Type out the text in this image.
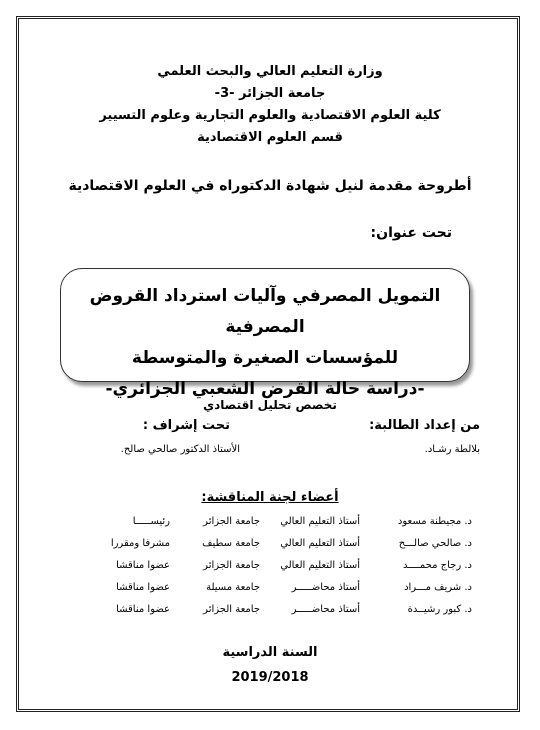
وزارة التعليم العالي والبحث العلمي
جامعة الجزائر -3-
كلية العلوم الاقتصادية والعلوم التجارية وعلوم التسيير
قسم العلوم الاقتصادية
أطروحة مقدمة لنيل شهادة الدكتوراه في العلوم الاقتصادية
تحت عنوان:
التمويل المصرفي وآليات استرداد القروض المصرفية
للمؤسسات الصغيرة والمتوسطة
-دراسة حالة القرض الشعبي الجزائري-
تخصص تحليل اقتصادي
من إعداد الطالبة:
تحت إشراف :
بلالطة رشـاد.
الأستاذ الدكتور صالحي صالح.
أعضاء لجنة المناقشة:
د. مجيطنة مسعود
أستاذ التعليم العالي
جامعة الجزائر
رئيســـــا
د. صالحي صالـــح
أستاذ التعليم العالي
جامعة سطيف
مشرفا ومقررا
د. رجاج محمــــد
أستاذ التعليم العالي
جامعة الجزائر
عضوا مناقشا
د. شريف مـــراد
أستاذ محاضـــــر
جامعة مسيلة
عضوا مناقشا
د. كبور رشيــدة
أستاذ محاضـــــر
جامعة الجزائر
عضوا مناقشا
السنة الدراسية
2019/2018
